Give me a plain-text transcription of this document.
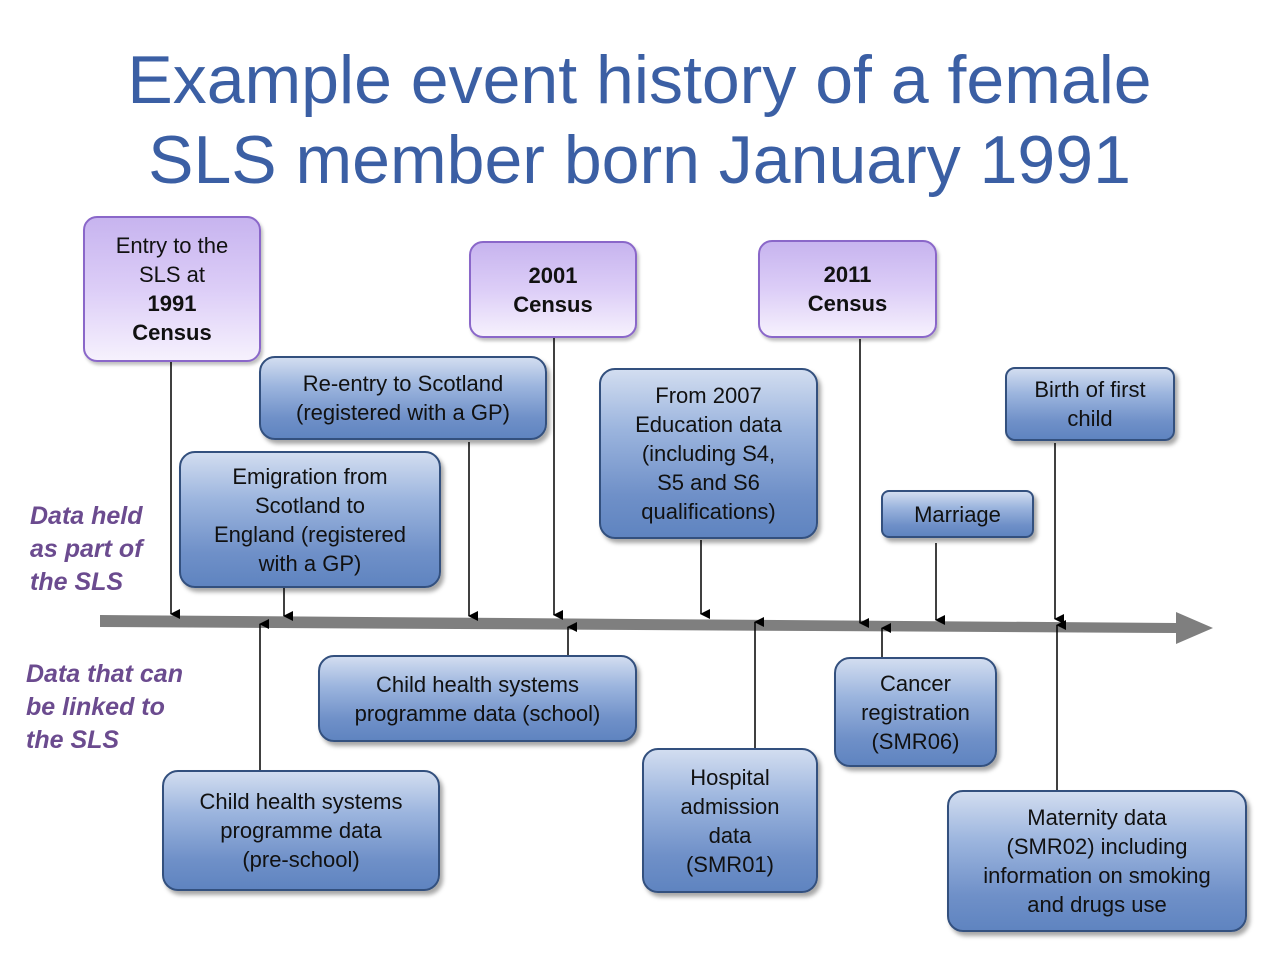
Example event history of a female
SLS member born January 1991
Data held
as part of
the SLS
Data that can
be linked to
the SLS
Entry to the
SLS at
1991
Census
2001
Census
2011
Census
Re-entry to Scotland
(registered with a GP)
Emigration from
Scotland to
England (registered
with a GP)
From 2007
Education data
(including S4,
S5 and S6
qualifications)	Marriage
Birth of first
child
Child health systems
programme data (school)
Child health systems
programme data
(pre-school)
Hospital
admission
data
(SMR01)
Cancer
registration
(SMR06)
Maternity data
(SMR02) including
information on smoking
and drugs use
